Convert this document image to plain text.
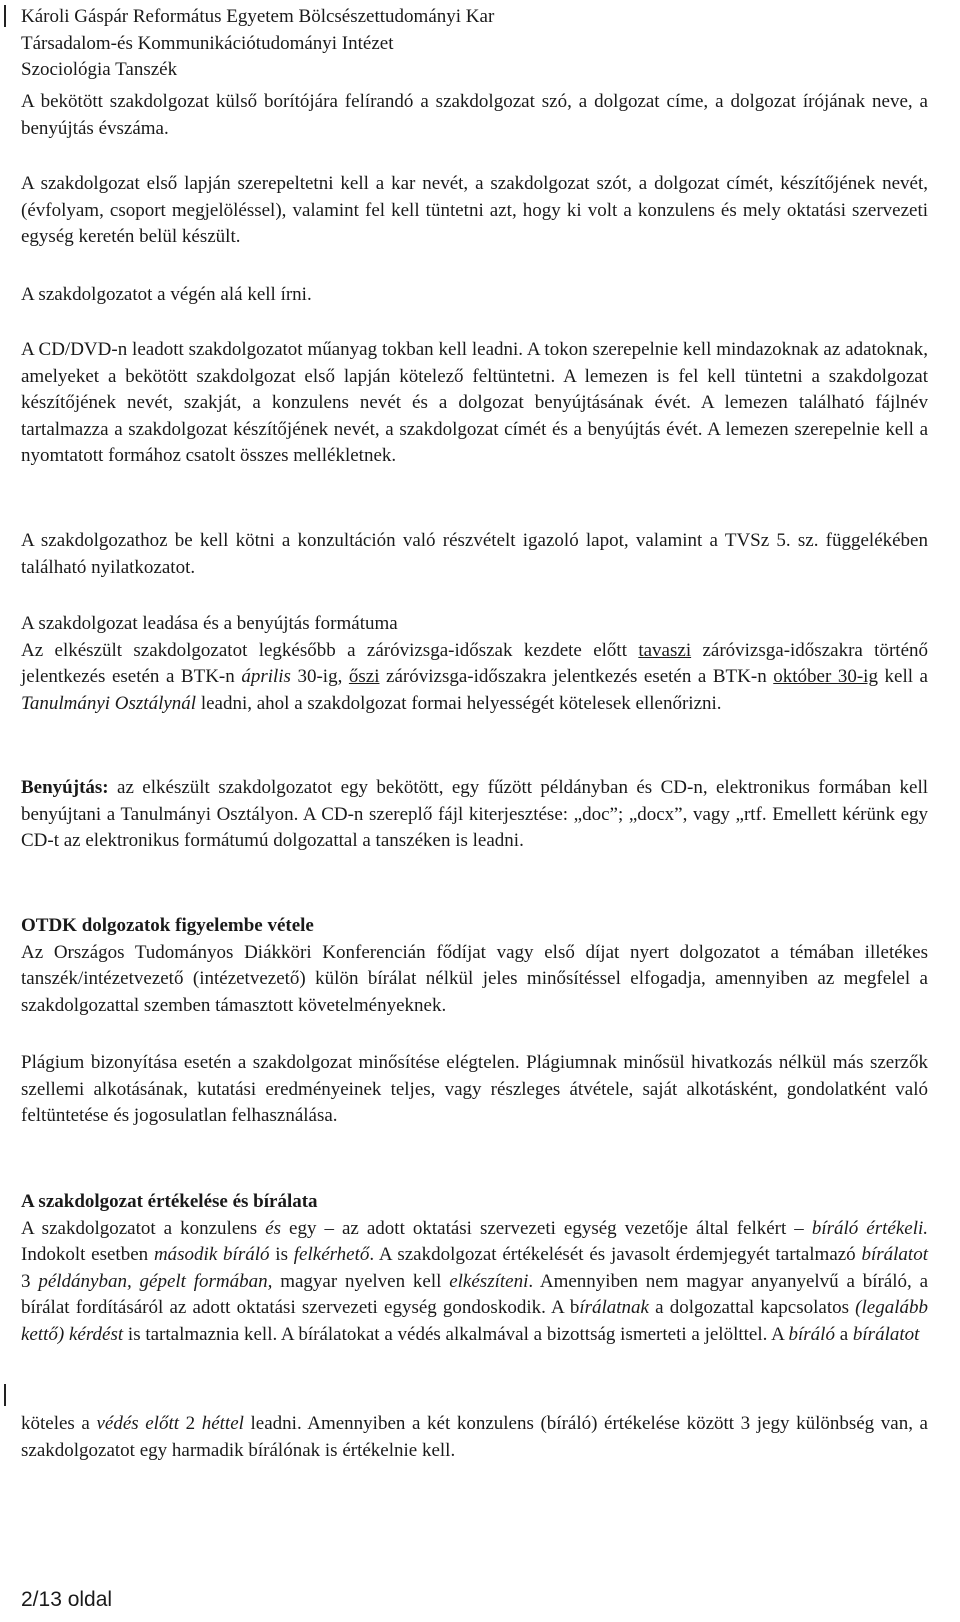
Károli Gáspár Református Egyetem Bölcsészettudományi Kar

Társadalom-és Kommunikációtudományi Intézet

Szociológia Tanszék

A bekötött szakdolgozat külső borítójára felírandó a szakdolgozat szó, a dolgozat címe, a dolgozat írójának neve, a benyújtás évszáma.

A szakdolgozat első lapján szerepeltetni kell a kar nevét, a szakdolgozat szót, a dolgozat címét, készítőjének nevét, (évfolyam, csoport megjelöléssel), valamint fel kell tüntetni azt, hogy ki volt a konzulens és mely oktatási szervezeti egység keretén belül készült.

A szakdolgozatot a végén alá kell írni.

A CD/DVD-n leadott szakdolgozatot műanyag tokban kell leadni. A tokon szerepelnie kell mindazoknak az adatoknak, amelyeket a bekötött szakdolgozat első lapján kötelező feltüntetni. A lemezen is fel kell tüntetni a szakdolgozat készítőjének nevét, szakját, a konzulens nevét és a dolgozat benyújtásának évét. A lemezen található fájlnév tartalmazza a szakdolgozat készítőjének nevét, a szakdolgozat címét és a benyújtás évét. A lemezen szerepelnie kell a nyomtatott formához csatolt összes mellékletnek.

A szakdolgozathoz be kell kötni a konzultáción való részvételt igazoló lapot, valamint a TVSz 5. sz. függelékében található nyilatkozatot.

A szakdolgozat leadása és a benyújtás formátuma

Az elkészült szakdolgozatot legkésőbb a záróvizsga-időszak kezdete előtt tavaszi záróvizsga-időszakra történő jelentkezés esetén a BTK-n április 30-ig, őszi záróvizsga-időszakra jelentkezés esetén a BTK-n október 30-ig kell a Tanulmányi Osztálynál leadni, ahol a szakdolgozat formai helyességét kötelesek ellenőrizni.

Benyújtás: az elkészült szakdolgozatot egy bekötött, egy fűzött példányban és CD-n, elektronikus formában kell benyújtani a Tanulmányi Osztályon. A CD-n szereplő fájl kiterjesztése: „doc”; „docx”, vagy „rtf. Emellett kérünk egy CD-t az elektronikus formátumú dolgozattal a tanszéken is leadni.

OTDK dolgozatok figyelembe vétele

Az Országos Tudományos Diákköri Konferencián fődíjat vagy első díjat nyert dolgozatot a témában illetékes tanszék/intézetvezető (intézetvezető) külön bírálat nélkül jeles minősítéssel elfogadja, amennyiben az megfelel a szakdolgozattal szemben támasztott követelményeknek.

Plágium bizonyítása esetén a szakdolgozat minősítése elégtelen. Plágiumnak minősül hivatkozás nélkül más szerzők szellemi alkotásának, kutatási eredményeinek teljes, vagy részleges átvétele, saját alkotásként, gondolatként való feltüntetése és jogosulatlan felhasználása.

A szakdolgozat értékelése és bírálata

A szakdolgozatot a konzulens és egy – az adott oktatási szervezeti egység vezetője által felkért – bíráló értékeli. Indokolt esetben második bíráló is felkérhető. A szakdolgozat értékelését és javasolt érdemjegyét tartalmazó bírálatot 3 példányban, gépelt formában, magyar nyelven kell elkészíteni. Amennyiben nem magyar anyanyelvű a bíráló, a bírálat fordításáról az adott oktatási szervezeti egység gondoskodik. A bírálatnak a dolgozattal kapcsolatos (legalább kettő) kérdést is tartalmaznia kell. A bírálatokat a védés alkalmával a bizottság ismerteti a jelölttel. A bíráló a bírálatot

köteles a védés előtt 2 héttel leadni. Amennyiben a két konzulens (bíráló) értékelése között 3 jegy különbség van, a szakdolgozatot egy harmadik bírálónak is értékelnie kell.

2/13 oldal
